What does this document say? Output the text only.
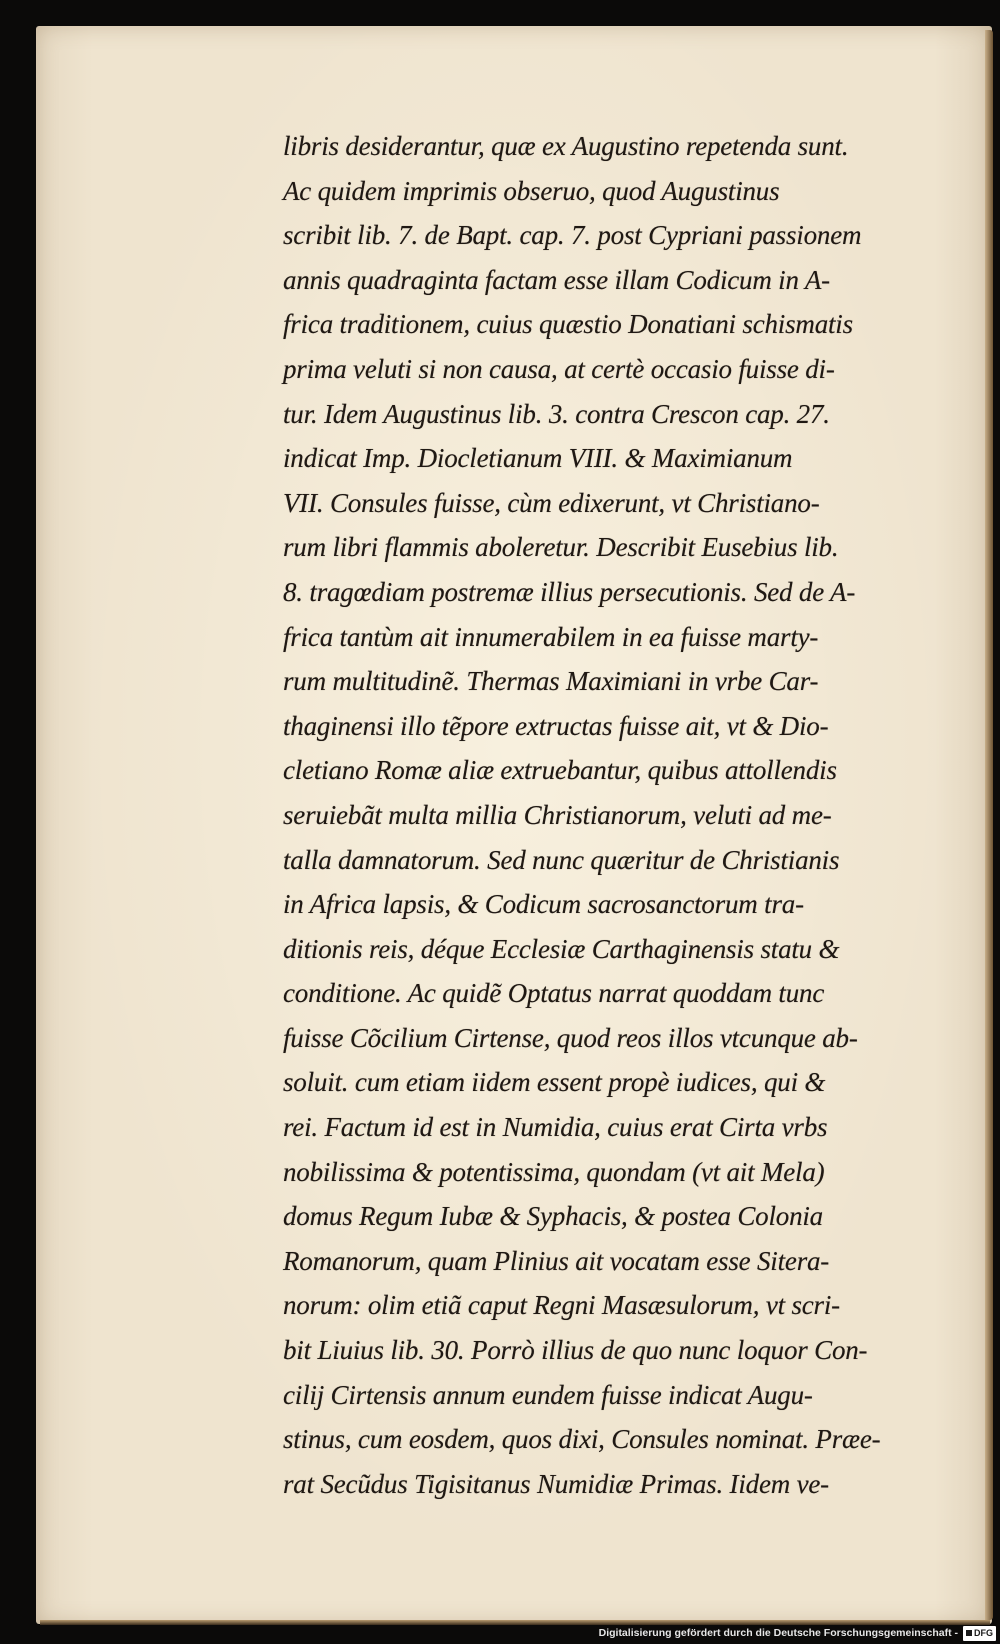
libris desiderantur, quæ ex Augustino repetenda sunt.
Ac quidem imprimis obseruo, quod Augustinus
scribit lib. 7. de Bapt. cap. 7. post Cypriani passionem
annis quadraginta factam esse illam Codicum in A-
frica traditionem, cuius quæstio Donatiani schismatis
prima veluti si non causa, at certè occasio fuisse di-
tur. Idem Augustinus lib. 3. contra Crescon cap. 27.
indicat Imp. Diocletianum VIII. & Maximianum
VII. Consules fuisse, cùm edixerunt, vt Christiano-
rum libri flammis aboleretur. Describit Eusebius lib.
8. tragœdiam postremæ illius persecutionis. Sed de A-
frica tantùm ait innumerabilem in ea fuisse marty-
rum multitudinẽ. Thermas Maximiani in vrbe Car-
thaginensi illo tẽpore extructas fuisse ait, vt & Dio-
cletiano Romæ aliæ extruebantur, quibus attollendis
seruiebãt multa millia Christianorum, veluti ad me-
talla damnatorum. Sed nunc quæritur de Christianis
in Africa lapsis, & Codicum sacrosanctorum tra-
ditionis reis, déque Ecclesiæ Carthaginensis statu &
conditione. Ac quidẽ Optatus narrat quoddam tunc
fuisse Cõcilium Cirtense, quod reos illos vtcunque ab-
soluit. cum etiam iidem essent propè iudices, qui &
rei. Factum id est in Numidia, cuius erat Cirta vrbs
nobilissima & potentissima, quondam (vt ait Mela)
domus Regum Iubæ & Syphacis, & postea Colonia
Romanorum, quam Plinius ait vocatam esse Sitera-
norum: olim etiã caput Regni Masæsulorum, vt scri-
bit Liuius lib. 30. Porrò illius de quo nunc loquor Con-
cilij Cirtensis annum eundem fuisse indicat Augu-
stinus, cum eosdem, quos dixi, Consules nominat. Præe-
rat Secũdus Tigisitanus Numidiæ Primas. Iidem ve-
Digitalisierung gefördert durch die Deutsche Forschungsgemeinschaft -	DFG
